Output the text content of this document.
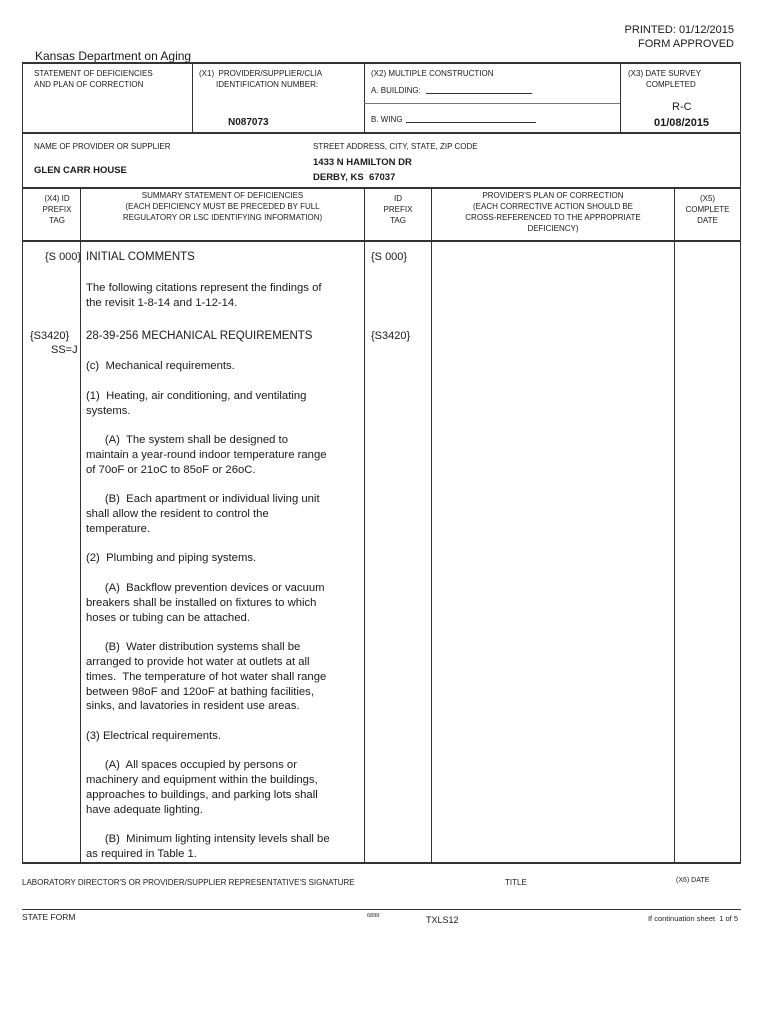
PRINTED: 01/12/2015
FORM APPROVED
Kansas Department on Aging
STATEMENT OF DEFICIENCIES
AND PLAN OF CORRECTION
(X1)  PROVIDER/SUPPLIER/CLIA
IDENTIFICATION NUMBER:
N087073
(X2) MULTIPLE CONSTRUCTION
A. BUILDING:
B. WING
(X3) DATE SURVEY
COMPLETED
R-C
01/08/2015
NAME OF PROVIDER OR SUPPLIER
GLEN CARR HOUSE
STREET ADDRESS, CITY, STATE, ZIP CODE
1433 N HAMILTON DR
DERBY, KS  67037
(X4) ID
PREFIX
TAG
SUMMARY STATEMENT OF DEFICIENCIES
(EACH DEFICIENCY MUST BE PRECEDED BY FULL
REGULATORY OR LSC IDENTIFYING INFORMATION)
ID
PREFIX
TAG
PROVIDER'S PLAN OF CORRECTION
(EACH CORRECTIVE ACTION SHOULD BE
CROSS-REFERENCED TO THE APPROPRIATE
DEFICIENCY)
(X5)
COMPLETE
DATE
{S 000} INITIAL COMMENTS	{S 000}
The following citations represent the findings of
the revisit 1-8-14 and 1-12-14.
{S3420}
SS=J
28-39-256 MECHANICAL REQUIREMENTS	{S3420}
(c)  Mechanical requirements.
(1)  Heating, air conditioning, and ventilating
systems.
(A)  The system shall be designed to
maintain a year-round indoor temperature range
of 70oF or 21oC to 85oF or 26oC.
(B)  Each apartment or individual living unit
shall allow the resident to control the
temperature.
(2)  Plumbing and piping systems.
(A)  Backflow prevention devices or vacuum
breakers shall be installed on fixtures to which
hoses or tubing can be attached.
(B)  Water distribution systems shall be
arranged to provide hot water at outlets at all
times.  The temperature of hot water shall range
between 98oF and 120oF at bathing facilities,
sinks, and lavatories in resident use areas.
(3) Electrical requirements.
(A)  All spaces occupied by persons or
machinery and equipment within the buildings,
approaches to buildings, and parking lots shall
have adequate lighting.
(B)  Minimum lighting intensity levels shall be
as required in Table 1.
LABORATORY DIRECTOR'S OR PROVIDER/SUPPLIER REPRESENTATIVE'S SIGNATURE	TITLE	(X6) DATE
STATE FORM	6899	TXLS12	If continuation sheet  1 of 5
